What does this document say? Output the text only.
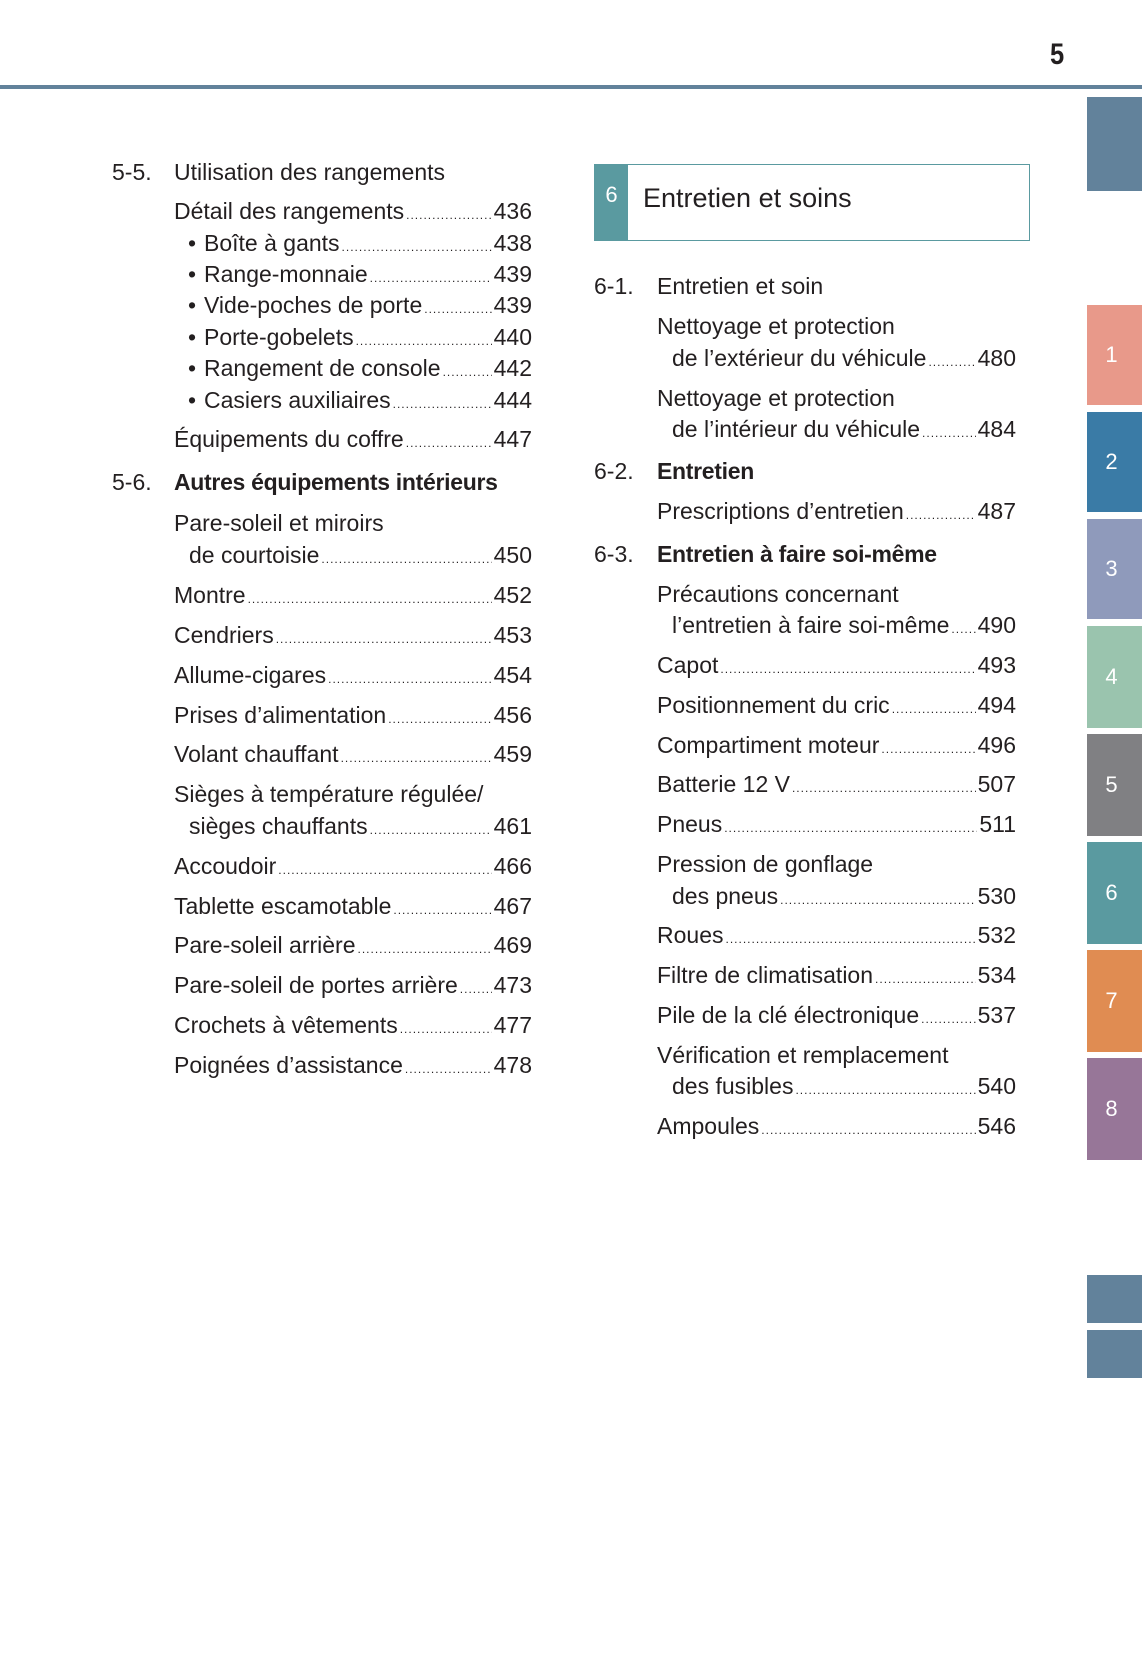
5
1
2
3
4
5
6
7
8
5-5. Utilisation des rangements
Détail des rangements .....	436
• Boîte à gants .....	438
• Range-monnaie .....	439
• Vide-poches de porte .....	439
• Porte-gobelets .....	440
• Rangement de console ..... 442
• Casiers auxiliaires .....	444
Équipements du coffre .....	447
5-6. Autres équipements intérieurs
Pare-soleil et miroirs
de courtoisie .....	450
Montre .....	452
Cendriers .....	453
Allume-cigares .....	454
Prises d’alimentation .....	456
Volant chauffant .....	459
Sièges à température régulée/
sièges chauffants .....	461
Accoudoir .....	466
Tablette escamotable .....	467
Pare-soleil arrière .....	469
Pare-soleil de portes arrière ..... 473
Crochets à vêtements .....	477
Poignées d’assistance .....	478
6 Entretien et soins
6-1. Entretien et soin
Nettoyage et protection
de l’extérieur du véhicule ..... 480
Nettoyage et protection
de l’intérieur du véhicule .....	484
6-2. Entretien
Prescriptions d’entretien .....	487
6-3. Entretien à faire soi-même
Précautions concernant
l’entretien à faire soi-même ..... 490
Capot .....	493
Positionnement du cric .....	494
Compartiment moteur .....	496
Batterie 12 V .....	507
Pneus .....	511
Pression de gonflage
des pneus .....	530
Roues .....	532
Filtre de climatisation .....	534
Pile de la clé électronique .....	537
Vérification et remplacement
des fusibles .....	540
Ampoules .....	546
